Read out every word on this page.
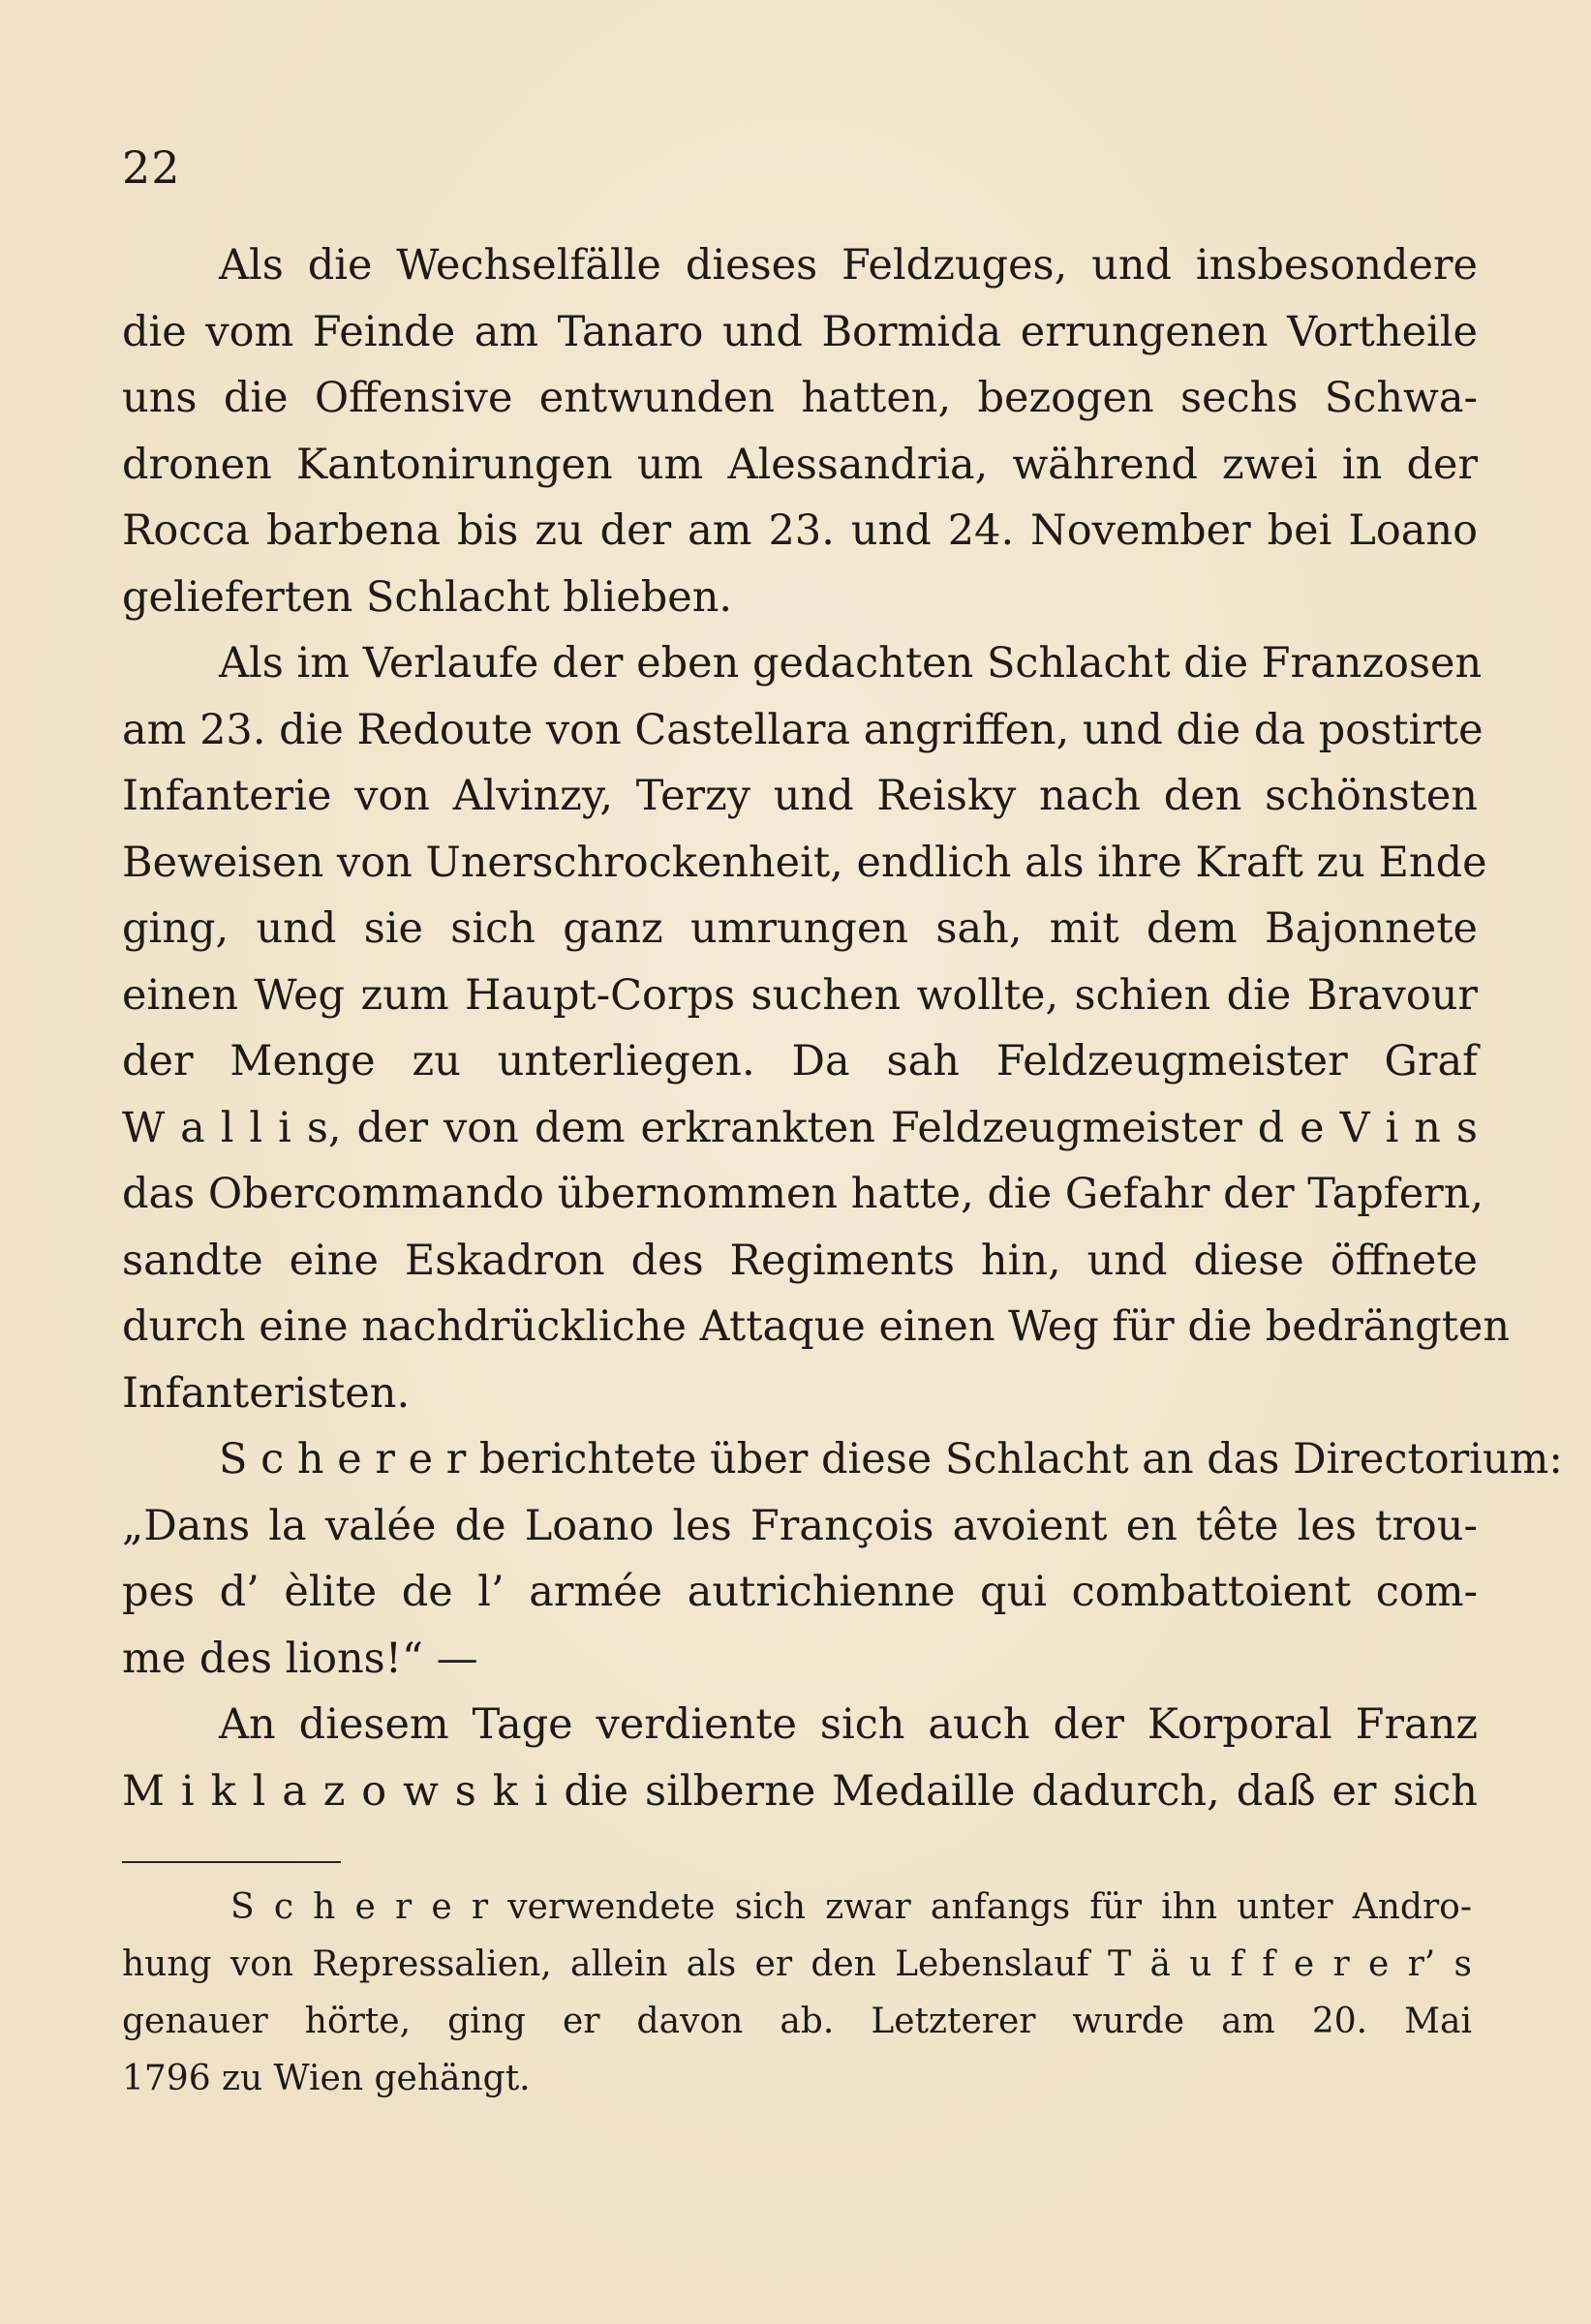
22
Als die Wechselfälle dieses Feldzuges, und insbesondere
die vom Feinde am Tanaro und Bormida errungenen Vortheile
uns die Offensive entwunden hatten, bezogen sechs Schwa-
dronen Kantonirungen um Alessandria, während zwei in der
Rocca barbena bis zu der am 23. und 24. November bei Loano
gelieferten Schlacht blieben.
Als im Verlaufe der eben gedachten Schlacht die Franzosen
am 23. die Redoute von Castellara angriffen, und die da postirte
Infanterie von Alvinzy, Terzy und Reisky nach den schönsten
Beweisen von Unerschrockenheit, endlich als ihre Kraft zu Ende
ging, und sie sich ganz umrungen sah, mit dem Bajonnete
einen Weg zum Haupt-Corps suchen wollte, schien die Bravour
der Menge zu unterliegen. Da sah Feldzeugmeister Graf
W a l l i s, der von dem erkrankten Feldzeugmeister d e V i n s
das Obercommando übernommen hatte, die Gefahr der Tapfern,
sandte eine Eskadron des Regiments hin, und diese öffnete
durch eine nachdrückliche Attaque einen Weg für die bedrängten
Infanteristen.
S c h e r e r berichtete über diese Schlacht an das Directorium:
„Dans la valée de Loano les François avoient en tête les trou-
pes d’ èlite de l’ armée autrichienne qui combattoient com-
me des lions!“ —
An diesem Tage verdiente sich auch der Korporal Franz
M i k l a z o w s k i die silberne Medaille dadurch, daß er sich
S c h e r e r verwendete sich zwar anfangs für ihn unter Andro-
hung von Repressalien, allein als er den Lebenslauf T ä u f f e r e r’ s
genauer hörte, ging er davon ab. Letzterer wurde am 20. Mai
1796 zu Wien gehängt.
